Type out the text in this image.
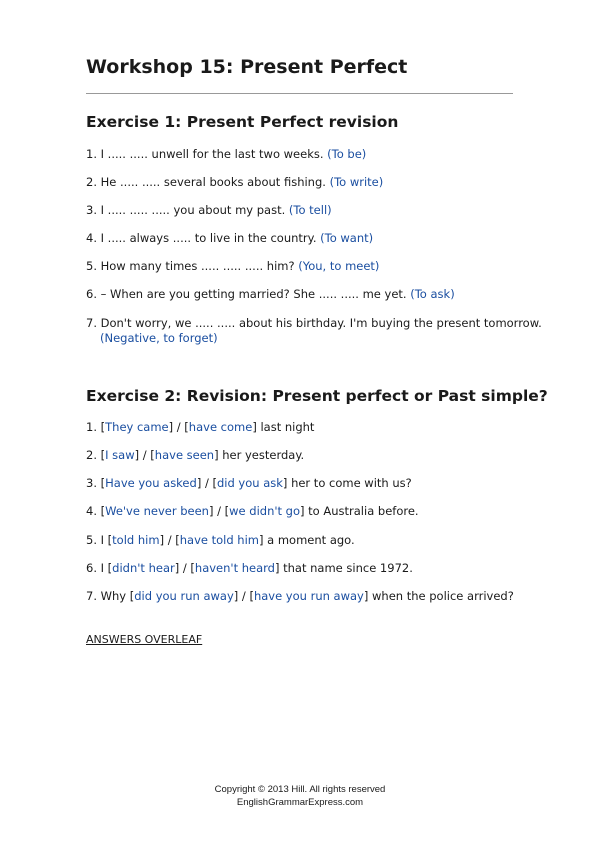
Workshop 15: Present Perfect
Exercise 1: Present Perfect revision
1. I ..... ..... unwell for the last two weeks. (To be)
2. He ..... ..... several books about fishing. (To write)
3. I ..... ..... ..... you about my past. (To tell)
4. I ..... always ..... to live in the country. (To want)
5. How many times ..... ..... ..... him? (You, to meet)
6. – When are you getting married? She ..... ..... me yet. (To ask)
7. Don't worry, we ..... ..... about his birthday. I'm buying the present tomorrow.
(Negative, to forget)
Exercise 2: Revision: Present perfect or Past simple?
1. [They came] / [have come] last night
2. [I saw] / [have seen] her yesterday.
3. [Have you asked] / [did you ask] her to come with us?
4. [We've never been] / [we didn't go] to Australia before.
5. I [told him] / [have told him] a moment ago.
6. I [didn't hear] / [haven't heard] that name since 1972.
7. Why [did you run away] / [have you run away] when the police arrived?
ANSWERS OVERLEAF
Copyright © 2013 Hill. All rights reserved
EnglishGrammarExpress.com
